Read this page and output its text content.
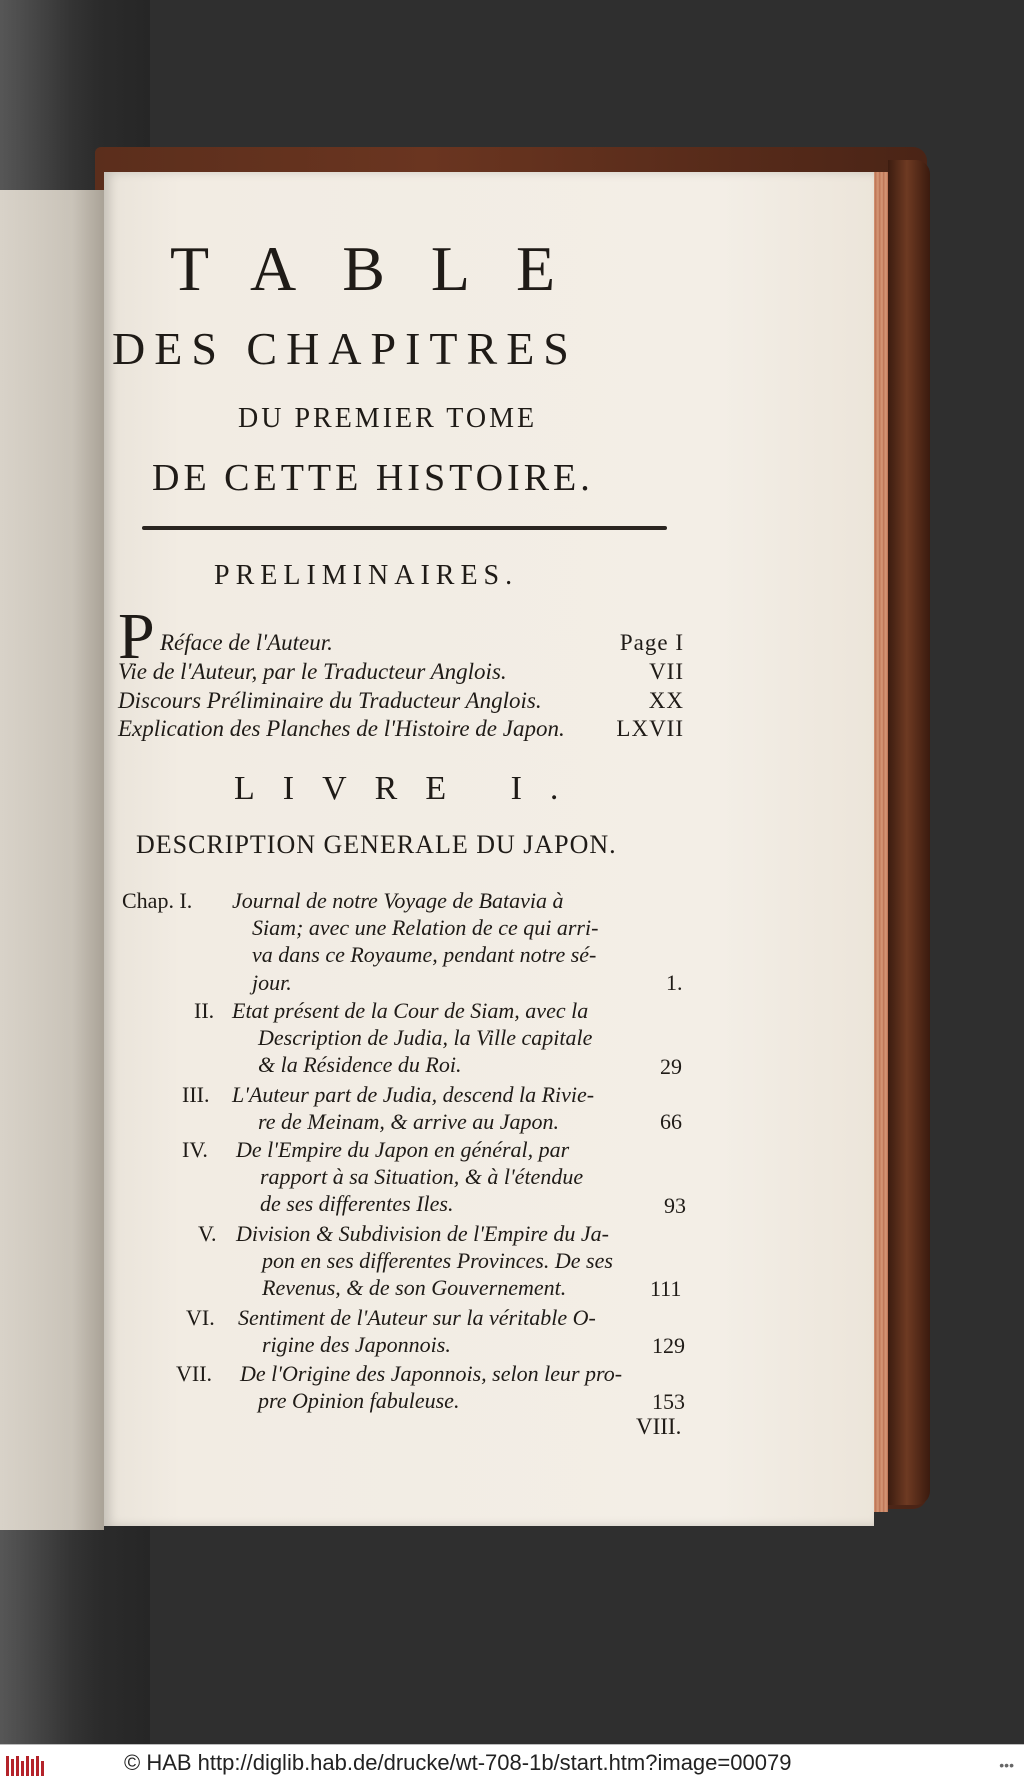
TABLE
DES CHAPITRES
DU PREMIER TOME
DE CETTE HISTOIRE.
PRELIMINAIRES.
P Réface de l'Auteur.	Page I
Vie de l'Auteur, par le Traducteur Anglois.	VII
Discours Préliminaire du Traducteur Anglois.	XX
Explication des Planches de l'Histoire de Japon. LXVII
LIVRE I.
DESCRIPTION GENERALE DU JAPON.
Chap. I. Journal de notre Voyage de Batavia à
Siam; avec une Relation de ce qui arri-
va dans ce Royaume, pendant notre sé-
jour.	1.
II. Etat présent de la Cour de Siam, avec la
Description de Judia, la Ville capitale
& la Résidence du Roi.	29
III. L'Auteur part de Judia, descend la Rivie-
re de Meinam, & arrive au Japon.	66
IV. De l'Empire du Japon en général, par
rapport à sa Situation, & à l'étendue
de ses differentes Iles.	93
V. Division & Subdivision de l'Empire du Ja-
pon en ses differentes Provinces. De ses
Revenus, & de son Gouvernement.	111
VI. Sentiment de l'Auteur sur la véritable O-
rigine des Japonnois.	129
VII. De l'Origine des Japonnois, selon leur pro-
pre Opinion fabuleuse.	153
VIII.
© HAB http://diglib.hab.de/drucke/wt-708-1b/start.htm?image=00079	•••
